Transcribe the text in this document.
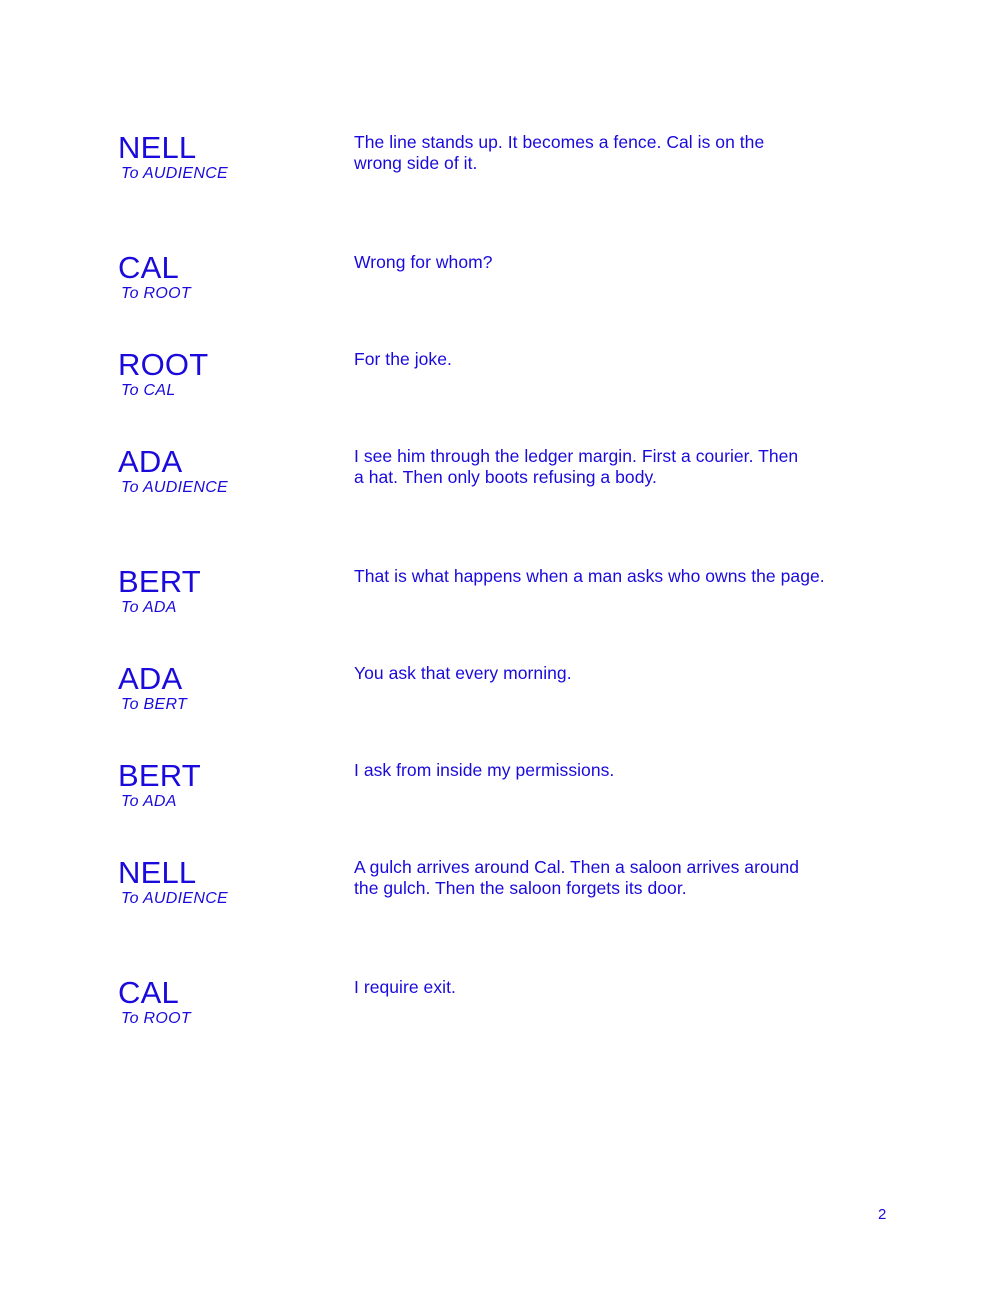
NELL
To AUDIENCE
The line stands up. It becomes a fence. Cal is on the
wrong side of it.
CAL
To ROOT
Wrong for whom?
ROOT
To CAL
For the joke.
ADA
To AUDIENCE
I see him through the ledger margin. First a courier. Then
a hat. Then only boots refusing a body.
BERT
To ADA
That is what happens when a man asks who owns the page.
ADA
To BERT
You ask that every morning.
BERT
To ADA
I ask from inside my permissions.
NELL
To AUDIENCE
A gulch arrives around Cal. Then a saloon arrives around
the gulch. Then the saloon forgets its door.
CAL
To ROOT
I require exit.
2
